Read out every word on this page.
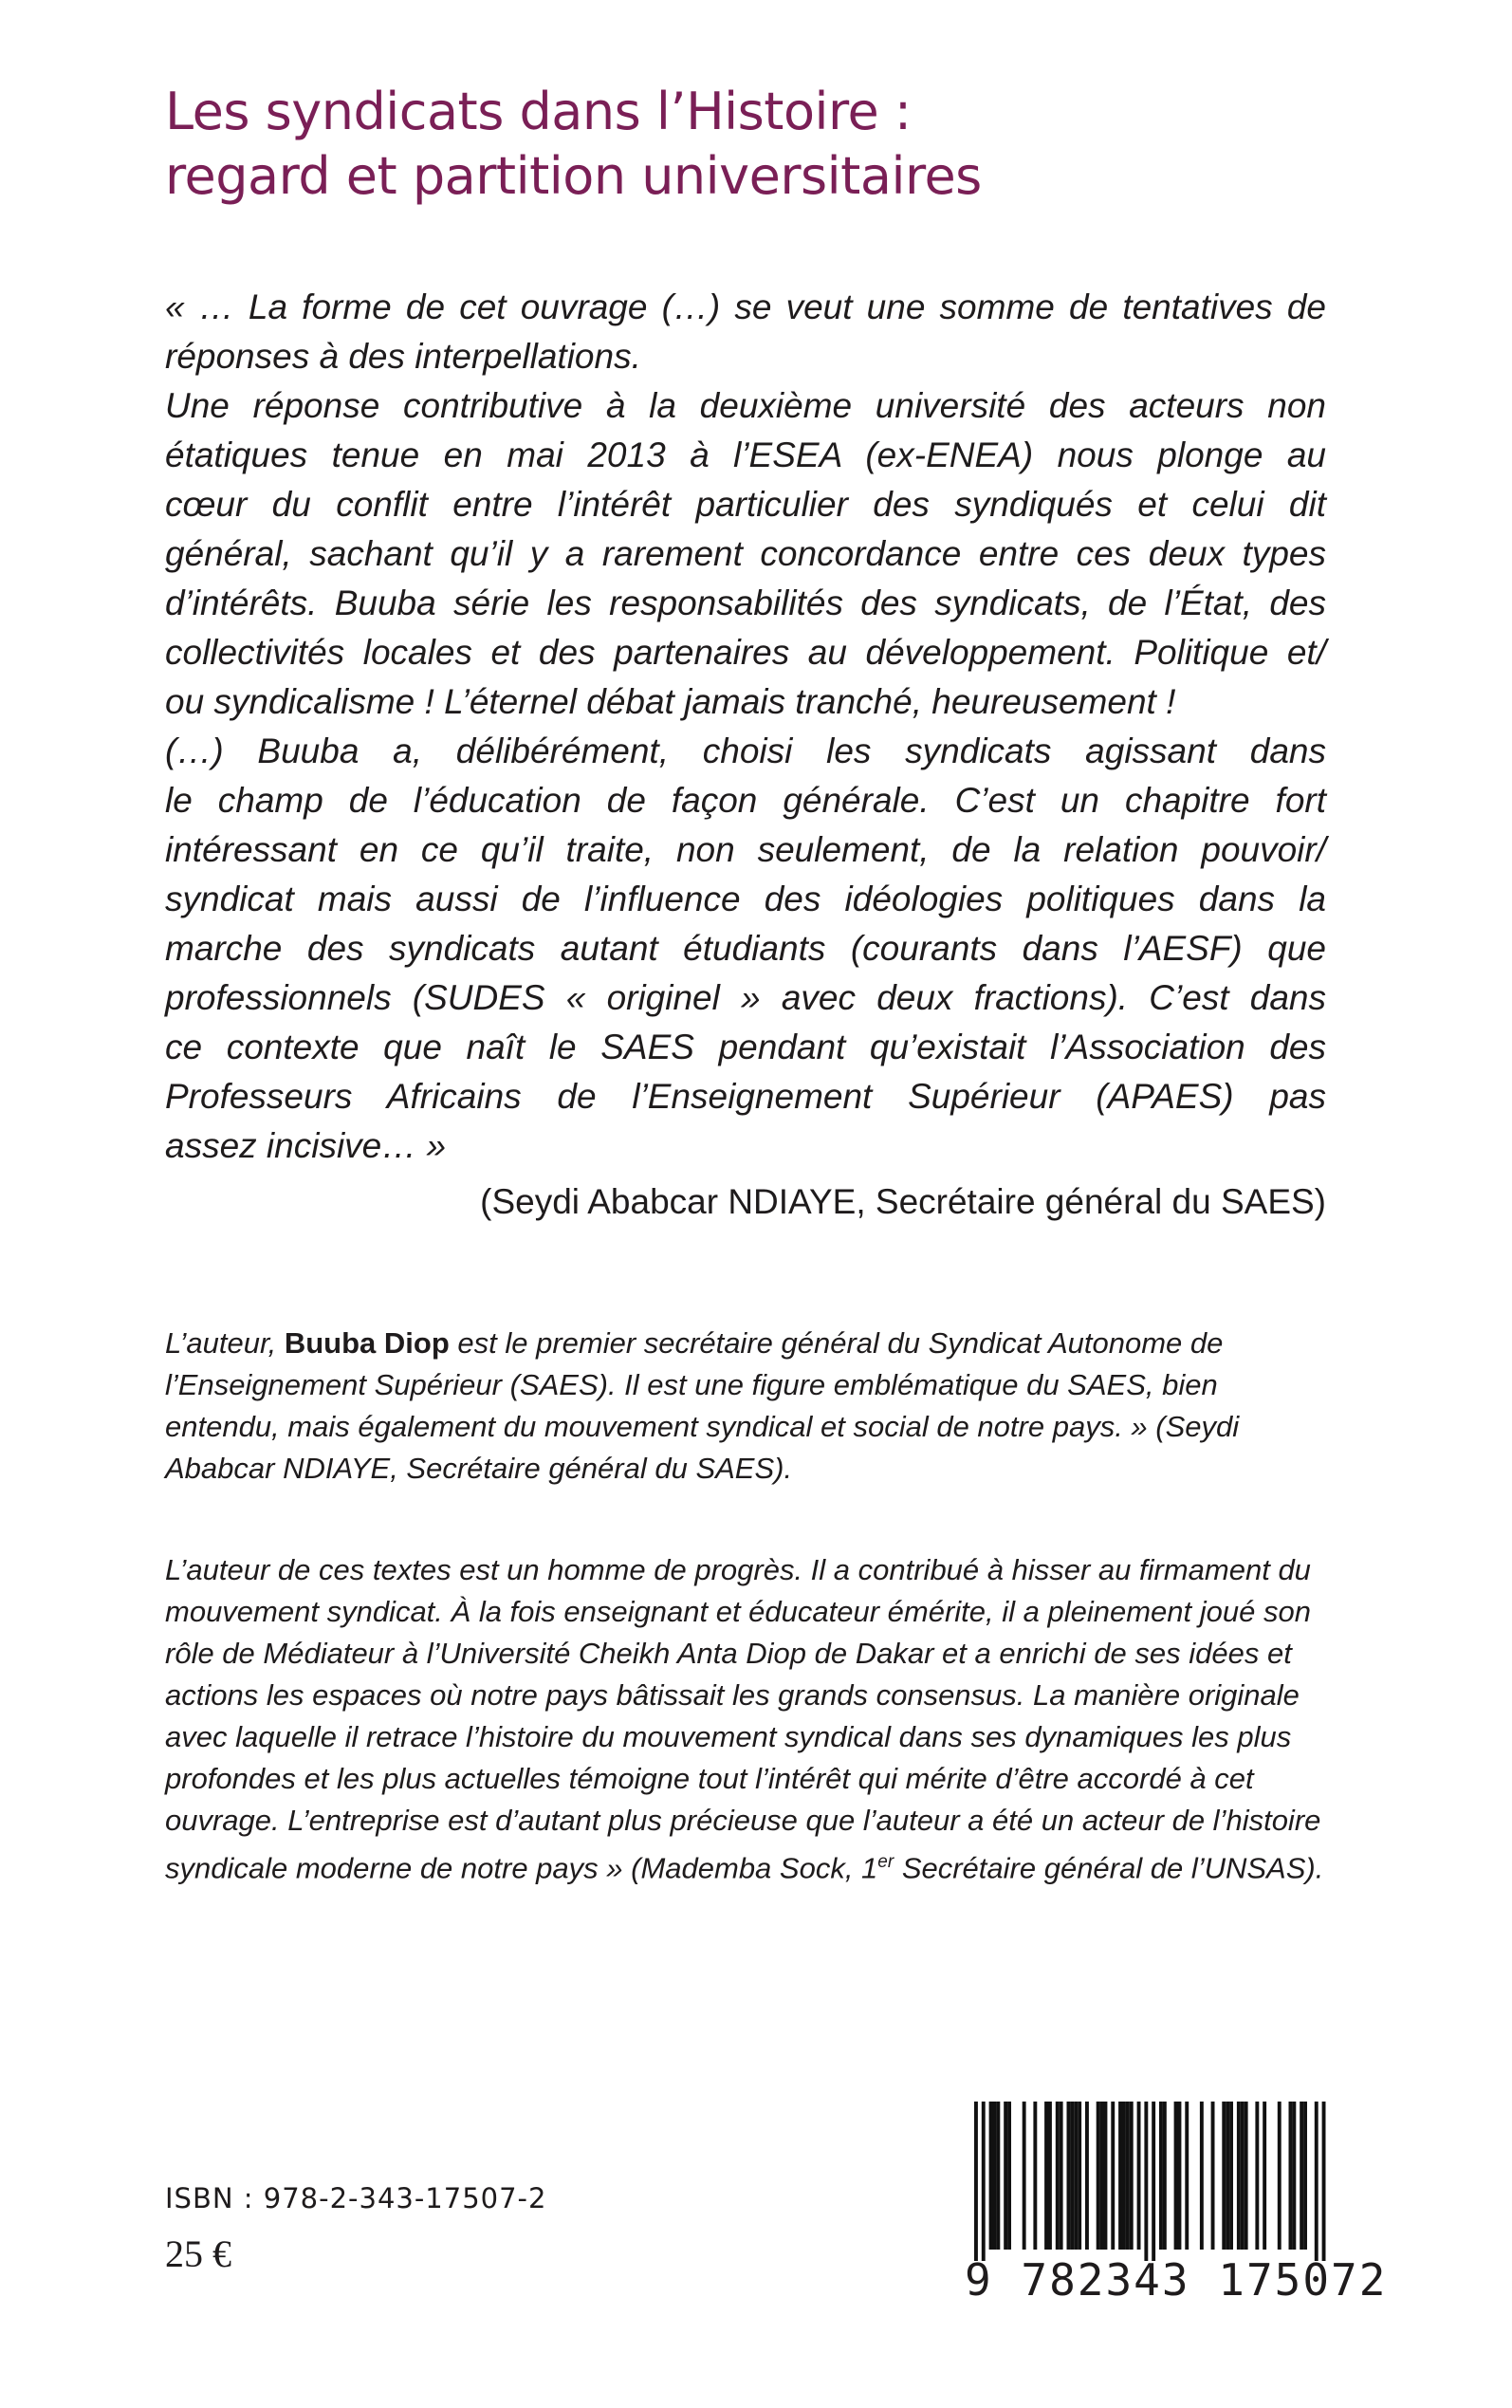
Les syndicats dans l’Histoire :
regard et partition universitaires
« … La forme de cet ouvrage (…) se veut une somme de tentatives de
réponses à des interpellations.
Une réponse contributive à la deuxième université des acteurs non
étatiques tenue en mai 2013 à l’ESEA (ex-ENEA) nous plonge au
cœur du conflit entre l’intérêt particulier des syndiqués et celui dit
général, sachant qu’il y a rarement concordance entre ces deux types
d’intérêts. Buuba série les responsabilités des syndicats, de l’État, des
collectivités locales et des partenaires au développement. Politique et/
ou syndicalisme ! L’éternel débat jamais tranché, heureusement !
(…) Buuba a, délibérément, choisi les syndicats agissant dans
le champ de l’éducation de façon générale. C’est un chapitre fort
intéressant en ce qu’il traite, non seulement, de la relation pouvoir/
syndicat mais aussi de l’influence des idéologies politiques dans la
marche des syndicats autant étudiants (courants dans l’AESF) que
professionnels (SUDES « originel » avec deux fractions). C’est dans
ce contexte que naît le SAES pendant qu’existait l’Association des
Professeurs Africains de l’Enseignement Supérieur (APAES) pas
assez incisive… »
(Seydi Ababcar NDIAYE, Secrétaire général du SAES)
L’auteur, Buuba Diop est le premier secrétaire général du Syndicat Autonome de l’Enseignement Supérieur (SAES). Il est une figure emblématique du SAES, bien entendu, mais également du mouvement syndical et social de notre pays. » (Seydi Ababcar NDIAYE, Secrétaire général du SAES).
L’auteur de ces textes est un homme de progrès. Il a contribué à hisser au firmament du mouvement syndicat. À la fois enseignant et éducateur émérite, il a pleinement joué son rôle de Médiateur à l’Université Cheikh Anta Diop de Dakar et a enrichi de ses idées et actions les espaces où notre pays bâtissait les grands consensus. La manière originale avec laquelle il retrace l’histoire du mouvement syndical dans ses dynamiques les plus profondes et les plus actuelles témoigne tout l’intérêt qui mérite d’être accordé à cet ouvrage. L’entreprise est d’autant plus précieuse que l’auteur a été un acteur de l’histoire syndicale moderne de notre pays » (Mademba Sock, 1er Secrétaire général de l’UNSAS).
ISBN : 978-2-343-17507-2
25 €
9 782343 175072
